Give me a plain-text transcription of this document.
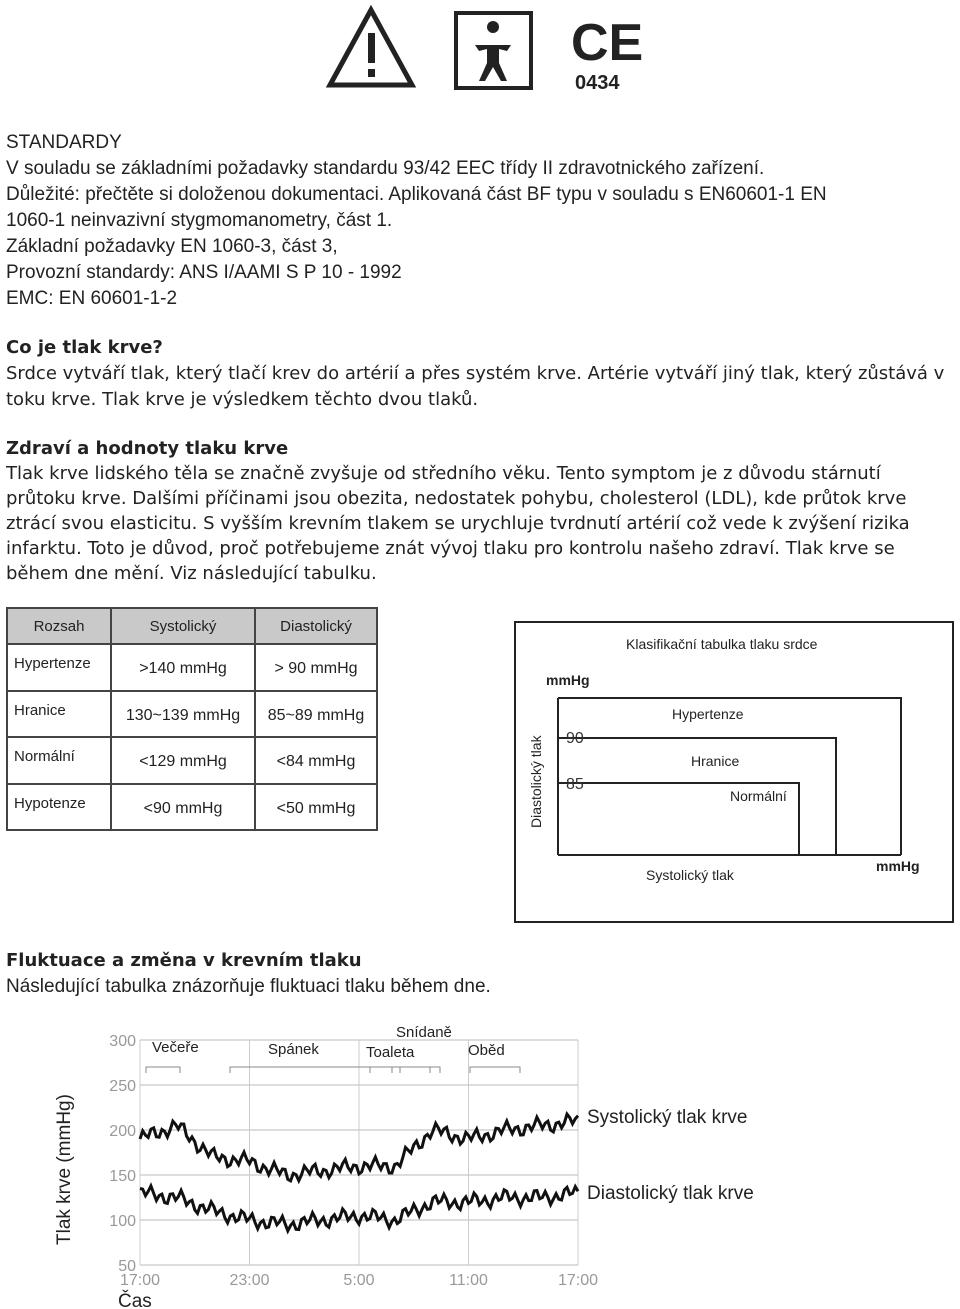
CE
0434
STANDARDY
V souladu se základními požadavky standardu 93/42 EEC třídy II zdravotnického zařízení.
Důležité: přečtěte si doloženou dokumentaci. Aplikovaná část BF typu v souladu s EN60601-1 EN
1060-1 neinvazivní stygmomanometry, část 1.
Základní požadavky EN 1060-3, část 3,
Provozní standardy: ANS I/AAMI S P 10 - 1992
EMC: EN 60601-1-2
Co je tlak krve?
Srdce vytváří tlak, který tlačí krev do artérií a přes systém krve. Artérie vytváří jiný tlak, který zůstává v
toku krve. Tlak krve je výsledkem těchto dvou tlaků.
Zdraví a hodnoty tlaku krve
Tlak krve lidského těla se značně zvyšuje od středního věku. Tento symptom je z důvodu stárnutí
průtoku krve. Dalšími příčinami jsou obezita, nedostatek pohybu, cholesterol (LDL), kde průtok krve
ztrácí svou elasticitu. S vyšším krevním tlakem se urychluje tvrdnutí artérií což vede k zvýšení rizika
infarktu. Toto je důvod, proč potřebujeme znát vývoj tlaku pro kontrolu našeho zdraví. Tlak krve se
během dne mění. Viz následující tabulku.
Rozsah	Systolický	Diastolický
Hypertenze	>140 mmHg	> 90 mmHg
Hranice	130~139 mmHg	85~89 mmHg
Normální	<129 mmHg	<84 mmHg
Hypotenze	<90 mmHg	<50 mmHg
Klasifikační tabulka tlaku srdce
mmHg
Diastolický tlak 90
85
Hypertenze
Hranice
Normální
Systolický tlak
mmHg
Fluktuace a změna v krevním tlaku
Následující tabulka znázorňuje fluktuaci tlaku během dne.
Tlak krve (mmHg)
Čas
300
250
200
150
100
50
17:00	23:00	5:00	11:00	17:00
Večeře	Spánek
Snídaně
Toaleta	Oběd
Systolický tlak krve
Diastolický tlak krve
